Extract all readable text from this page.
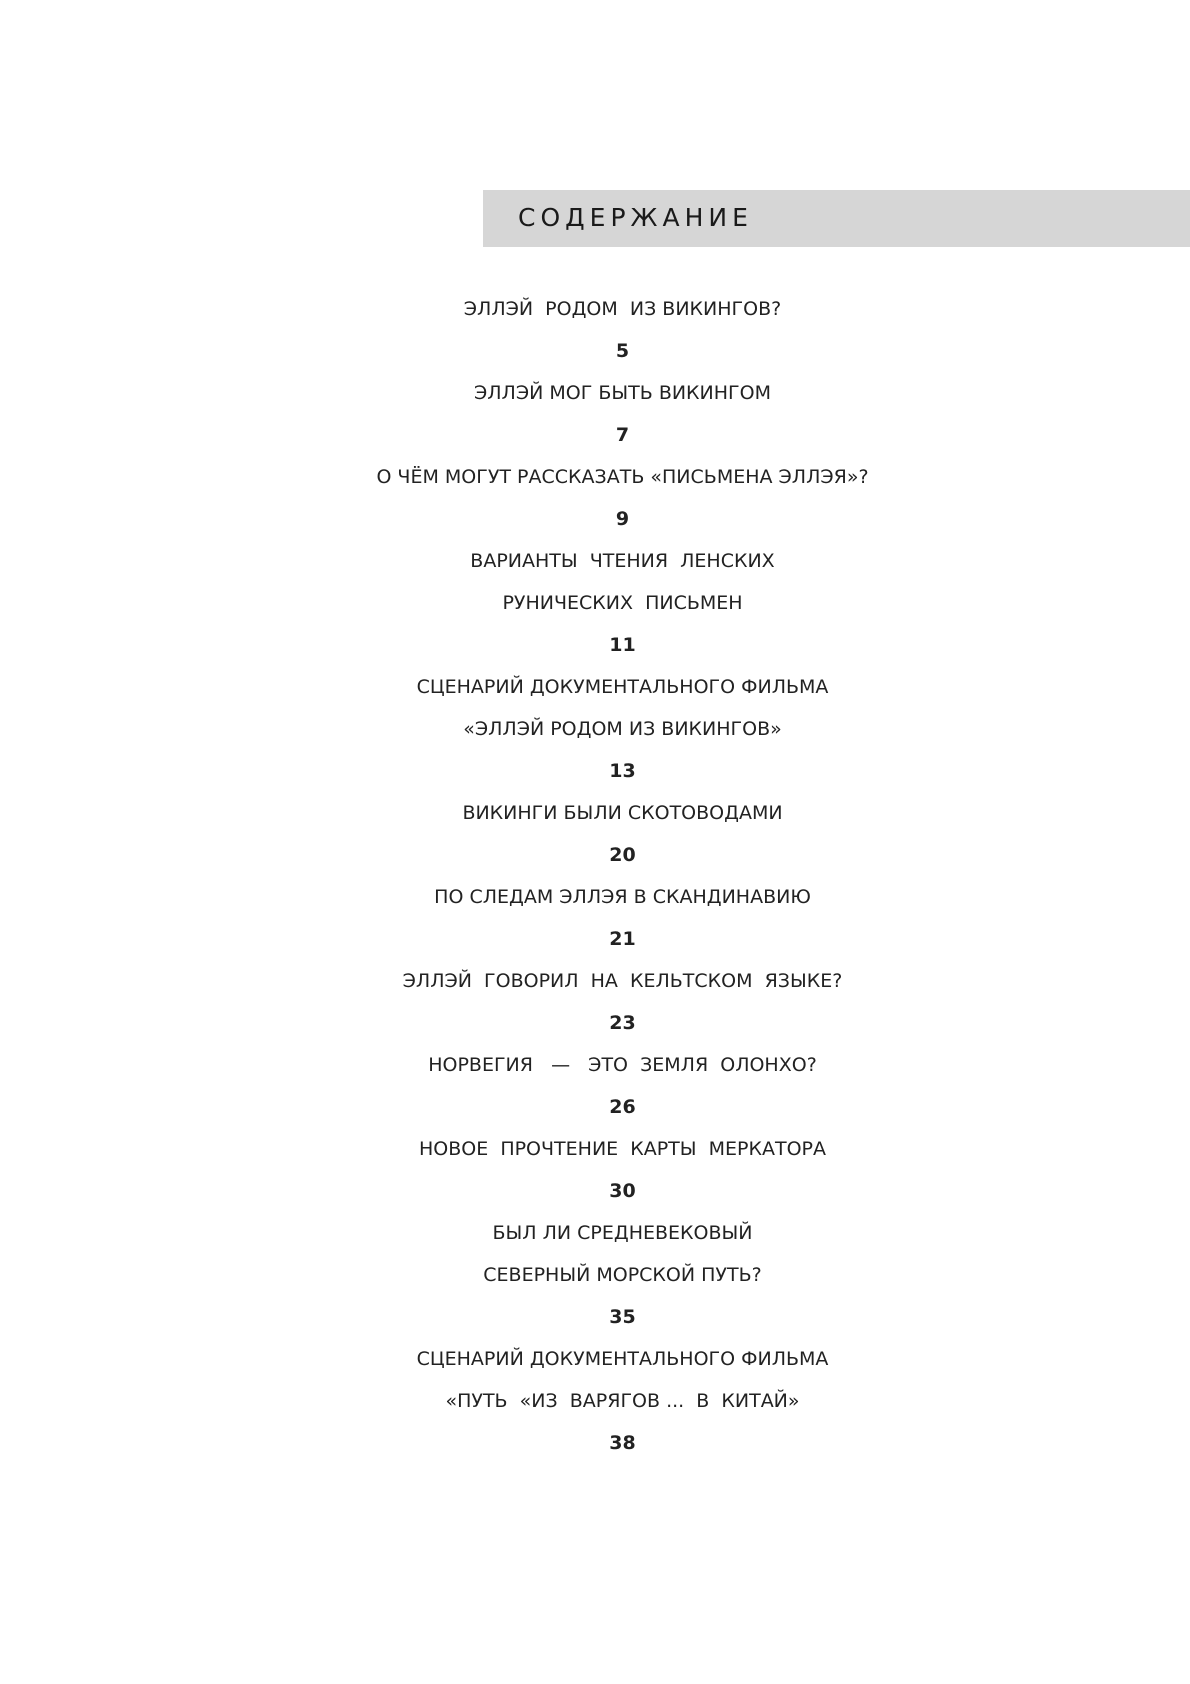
СОДЕРЖАНИЕ
ЭЛЛЭЙ  РОДОМ  ИЗ ВИКИНГОВ?
5
ЭЛЛЭЙ МОГ БЫТЬ ВИКИНГОМ
7
О ЧЁМ МОГУТ РАССКАЗАТЬ «ПИСЬМЕНА ЭЛЛЭЯ»?
9
ВАРИАНТЫ  ЧТЕНИЯ  ЛЕНСКИХ
РУНИЧЕСКИХ  ПИСЬМЕН
11
СЦЕНАРИЙ ДОКУМЕНТАЛЬНОГО ФИЛЬМА
«ЭЛЛЭЙ РОДОМ ИЗ ВИКИНГОВ»
13
ВИКИНГИ БЫЛИ СКОТОВОДАМИ
20
ПО СЛЕДАМ ЭЛЛЭЯ В СКАНДИНАВИЮ
21
ЭЛЛЭЙ  ГОВОРИЛ  НА  КЕЛЬТСКОМ  ЯЗЫКЕ?
23
НОРВЕГИЯ   —   ЭТО  ЗЕМЛЯ  ОЛОНХО?
26
НОВОЕ  ПРОЧТЕНИЕ  КАРТЫ  МЕРКАТОРА
30
БЫЛ ЛИ СРЕДНЕВЕКОВЫЙ
СЕВЕРНЫЙ МОРСКОЙ ПУТЬ?
35
СЦЕНАРИЙ ДОКУМЕНТАЛЬНОГО ФИЛЬМА
«ПУТЬ  «ИЗ  ВАРЯГОВ ...  В  КИТАЙ»
38
